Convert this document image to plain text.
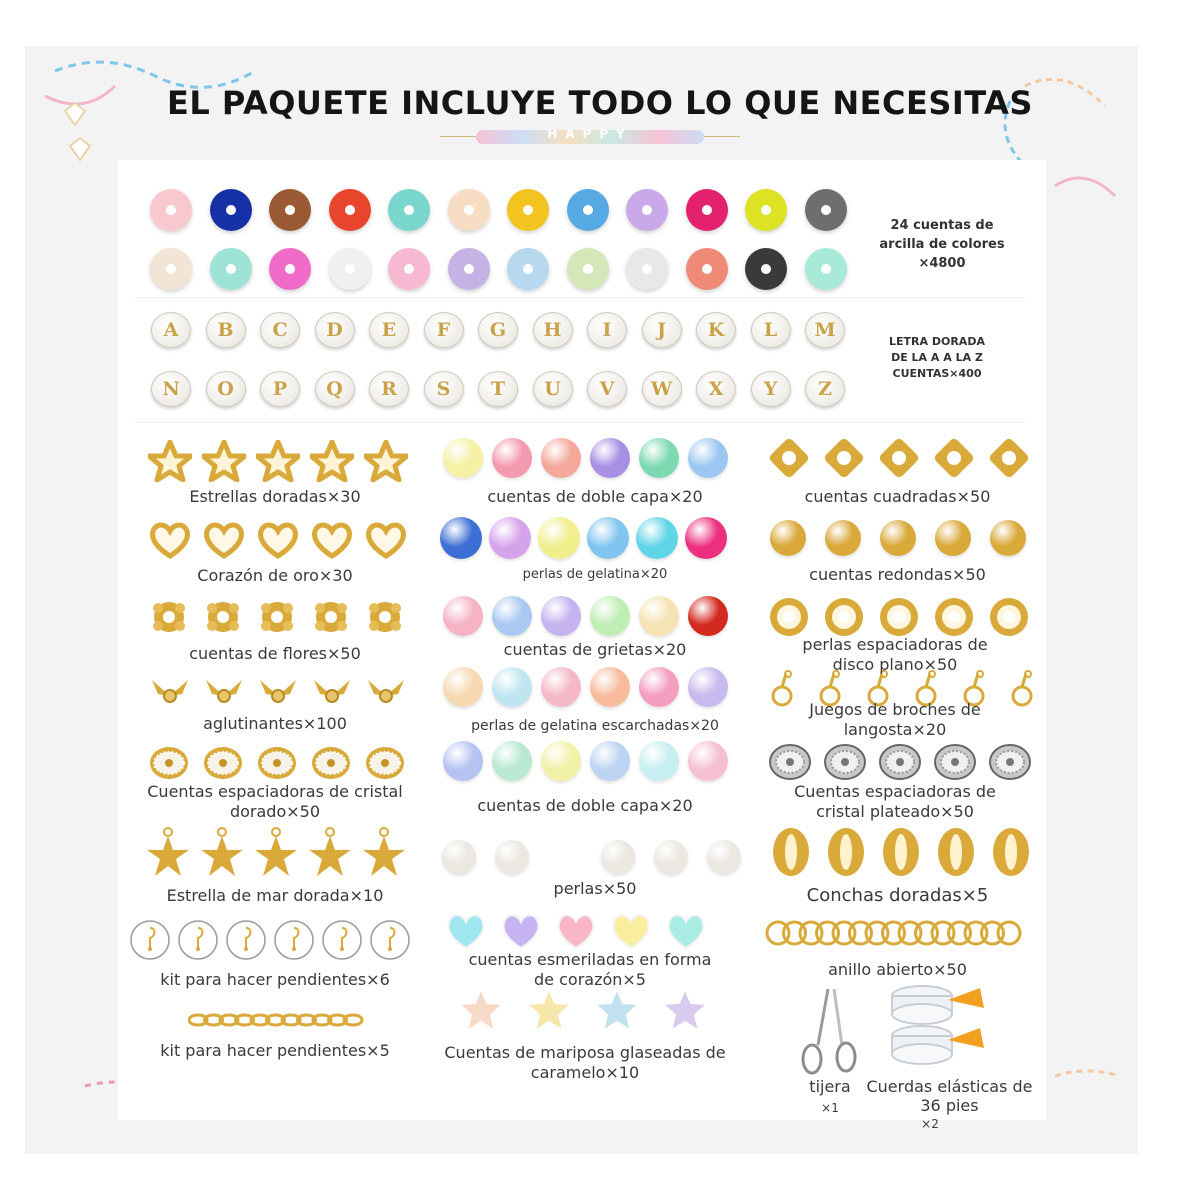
EL PAQUETE INCLUYE TODO LO QUE NECESITAS
HAPPY
24 cuentas de
arcilla de colores
×4800
A	B	C	D	E	F	G	H	I	J	K	L	M
N	O	P	Q	R	S	T	U	V	W	X	Y	Z
LETRA DORADA
DE LA A A LA Z
CUENTAS×400
Estrellas doradas×30
Corazón de oro×30
cuentas de flores×50
aglutinantes×100
Cuentas espaciadoras de cristal dorado×50
Estrella de mar dorada×10
kit para hacer pendientes×6
kit para hacer pendientes×5
cuentas de doble capa×20
perlas de gelatina×20
cuentas de grietas×20
perlas de gelatina escarchadas×20
cuentas de doble capa×20
perlas×50
cuentas esmeriladas en forma de corazón×5
Cuentas de mariposa glaseadas de caramelo×10
cuentas cuadradas×50
cuentas redondas×50
perlas espaciadoras de disco plano×50
Juegos de broches de langosta×20
Cuentas espaciadoras de cristal plateado×50
Conchas doradas×5
anillo abierto×50
tijera
×1
Cuerdas elásticas de 36 pies
×2
